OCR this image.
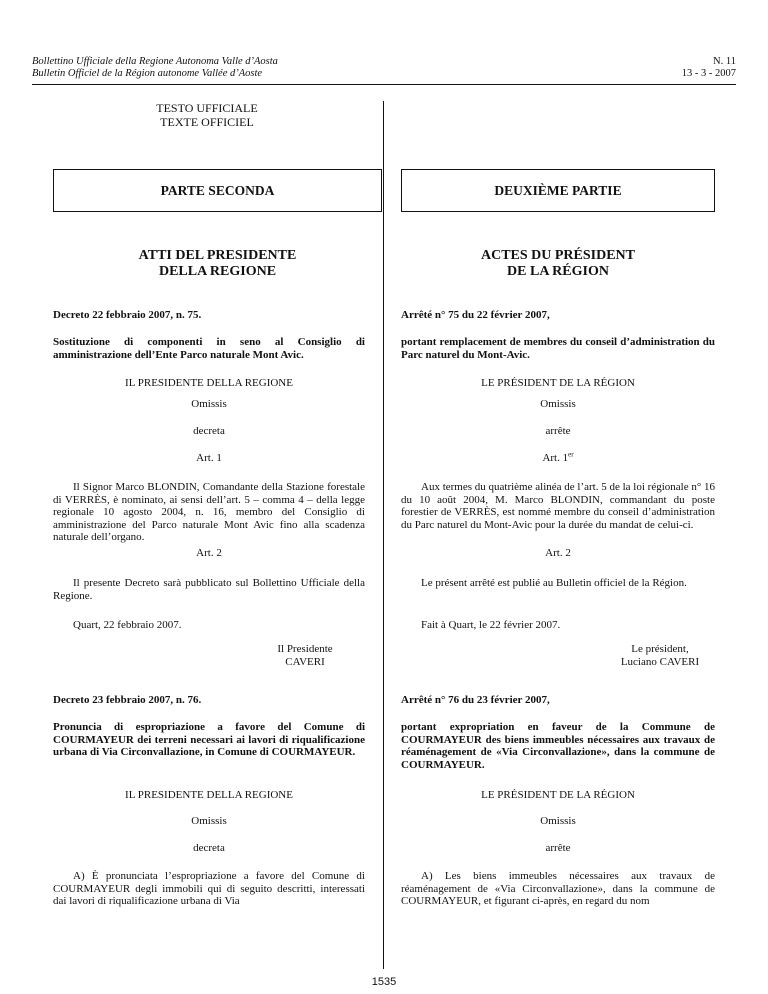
Bollettino Ufficiale della Regione Autonoma Valle d’Aosta
Bulletin Officiel de la Région autonome Vallée d’Aoste
N. 11
13 - 3 - 2007
TESTO UFFICIALE
TEXTE OFFICIEL
PARTE SECONDA	DEUXIÈME PARTIE
ATTI DEL PRESIDENTE
DELLA REGIONE
ACTES DU PRÉSIDENT
DE LA RÉGION
Decreto 22 febbraio 2007, n. 75.
Sostituzione di componenti in seno al Consiglio di amministrazione dell’Ente Parco naturale Mont Avic.
IL PRESIDENTE DELLA REGIONE
Omissis
decreta
Art. 1
Il Signor Marco BLONDIN, Comandante della Stazione forestale di VERRÈS, è nominato, ai sensi dell’art. 5 – comma 4 – della legge regionale 10 agosto 2004, n. 16, membro del Consiglio di amministrazione del Parco naturale Mont Avic fino alla scadenza naturale dell’organo.
Art. 2
Il presente Decreto sarà pubblicato sul Bollettino Ufficiale della Regione.
Quart, 22 febbraio 2007.
Il Presidente
CAVERI
Arrêté n° 75 du 22 février 2007,
portant remplacement de membres du conseil d’administration du Parc naturel du Mont-Avic.
LE PRÉSIDENT DE LA RÉGION
Omissis
arrête
Art. 1er
Aux termes du quatrième alinéa de l’art. 5 de la loi régionale n° 16 du 10 août 2004, M. Marco BLONDIN, commandant du poste forestier de VERRÈS, est nommé membre du conseil d’administration du Parc naturel du Mont-Avic pour la durée du mandat de celui-ci.
Art. 2
Le présent arrêté est publié au Bulletin officiel de la Région.
Fait à Quart, le 22 février 2007.
Le président,
Luciano CAVERI
Decreto 23 febbraio 2007, n. 76.
Pronuncia di espropriazione a favore del Comune di COURMAYEUR dei terreni necessari ai lavori di riqualificazione urbana di Via Circonvallazione, in Comune di COURMAYEUR.
IL PRESIDENTE DELLA REGIONE
Omissis
decreta
A) È pronunciata l’espropriazione a favore del Comune di COURMAYEUR degli immobili qui di seguito descritti, interessati dai lavori di riqualificazione urbana di Via
Arrêté n° 76 du 23 février 2007,
portant expropriation en faveur de la Commune de COURMAYEUR des biens immeubles nécessaires aux travaux de réaménagement de «Via Circonvallazione», dans la commune de COURMAYEUR.
LE PRÉSIDENT DE LA RÉGION
Omissis
arrête
A) Les biens immeubles nécessaires aux travaux de réaménagement de «Via Circonvallazione», dans la commune de COURMAYEUR, et figurant ci-après, en regard du nom
1535
